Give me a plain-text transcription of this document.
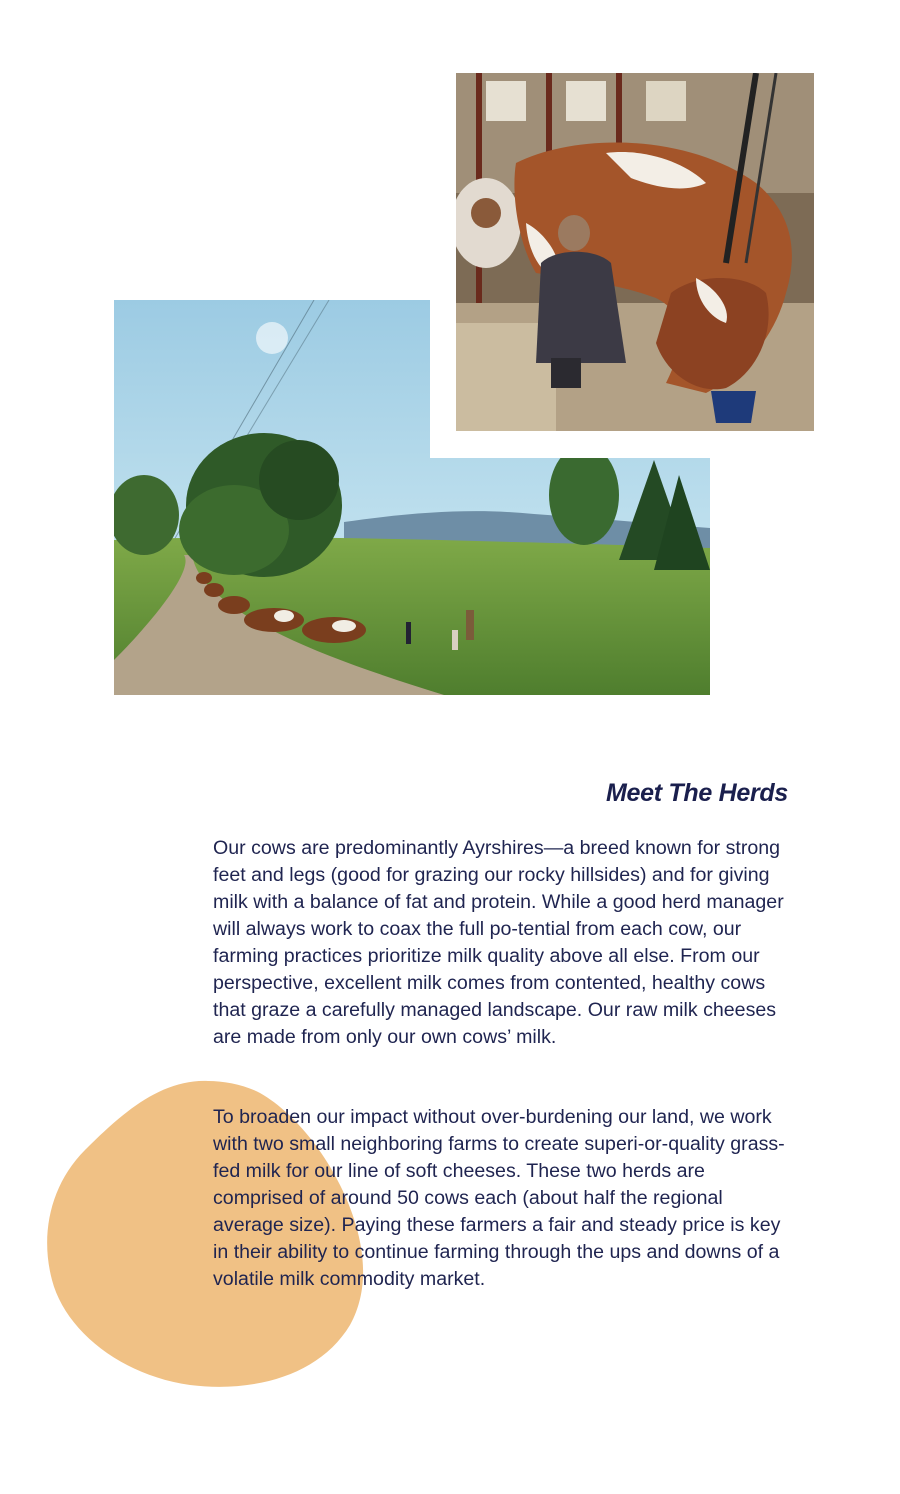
Meet The Herds

Our cows are predominantly Ayrshires—a breed known for strong feet and legs (good for grazing our rocky hillsides) and for giving milk with a balance of fat and protein. While a good herd manager will always work to coax the full po-tential from each cow, our farming practices prioritize milk quality above all else. From our perspective, excellent milk comes from contented, healthy cows that graze a carefully managed landscape. Our raw milk cheeses are made from only our own cows’ milk.

To broaden our impact without over-burdening our land, we work with two small neighboring farms to create superi-or-quality grass-fed milk for our line of soft cheeses. These two herds are comprised of around 50 cows each (about half the regional average size). Paying these farmers a fair and steady price is key in their ability to continue farming through the ups and downs of a volatile milk commodity market.
